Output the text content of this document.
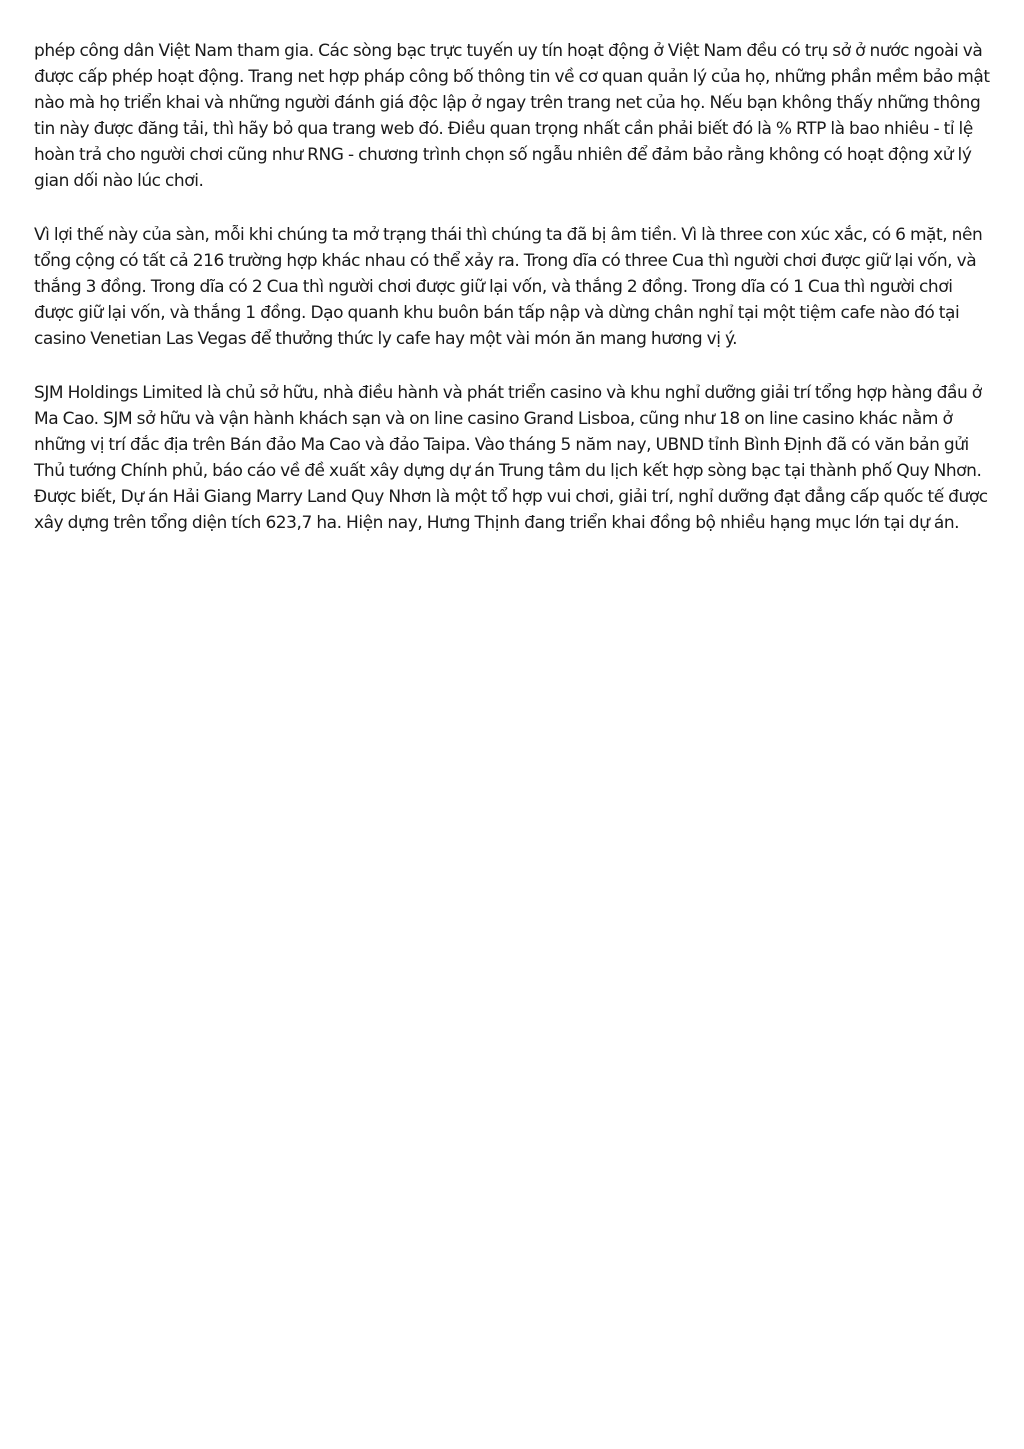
phép công dân Việt Nam tham gia. Các sòng bạc trực tuyến uy tín hoạt động ở Việt Nam đều có trụ sở ở nước ngoài và được cấp phép hoạt động. Trang net hợp pháp công bố thông tin về cơ quan quản lý của họ, những phần mềm bảo mật nào mà họ triển khai và những người đánh giá độc lập ở ngay trên trang net của họ. Nếu bạn không thấy những thông tin này được đăng tải, thì hãy bỏ qua trang web đó. Điều quan trọng nhất cần phải biết đó là % RTP là bao nhiêu - tỉ lệ hoàn trả cho người chơi cũng như RNG - chương trình chọn số ngẫu nhiên để đảm bảo rằng không có hoạt động xử lý gian dối nào lúc chơi.

Vì lợi thế này của sàn, mỗi khi chúng ta mở trạng thái thì chúng ta đã bị âm tiền. Vì là three con xúc xắc, có 6 mặt, nên tổng cộng có tất cả 216 trường hợp khác nhau có thể xảy ra. Trong dĩa có three Cua thì người chơi được giữ lại vốn, và thắng 3 đồng. Trong dĩa có 2 Cua thì người chơi được giữ lại vốn, và thắng 2 đồng. Trong dĩa có 1 Cua thì người chơi được giữ lại vốn, và thắng 1 đồng. Dạo quanh khu buôn bán tấp nập và dừng chân nghỉ tại một tiệm cafe nào đó tại casino Venetian Las Vegas để thưởng thức ly cafe hay một vài món ăn mang hương vị ý.

SJM Holdings Limited là chủ sở hữu, nhà điều hành và phát triển casino và khu nghỉ dưỡng giải trí tổng hợp hàng đầu ở Ma Cao. SJM sở hữu và vận hành khách sạn và on line casino Grand Lisboa, cũng như 18 on line casino khác nằm ở những vị trí đắc địa trên Bán đảo Ma Cao và đảo Taipa. Vào tháng 5 năm nay, UBND tỉnh Bình Định đã có văn bản gửi Thủ tướng Chính phủ, báo cáo về đề xuất xây dựng dự án Trung tâm du lịch kết hợp sòng bạc tại thành phố Quy Nhơn. Được biết, Dự án Hải Giang Marry Land Quy Nhơn là một tổ hợp vui chơi, giải trí, nghỉ dưỡng đạt đẳng cấp quốc tế được xây dựng trên tổng diện tích 623,7 ha. Hiện nay, Hưng Thịnh đang triển khai đồng bộ nhiều hạng mục lớn tại dự án.
